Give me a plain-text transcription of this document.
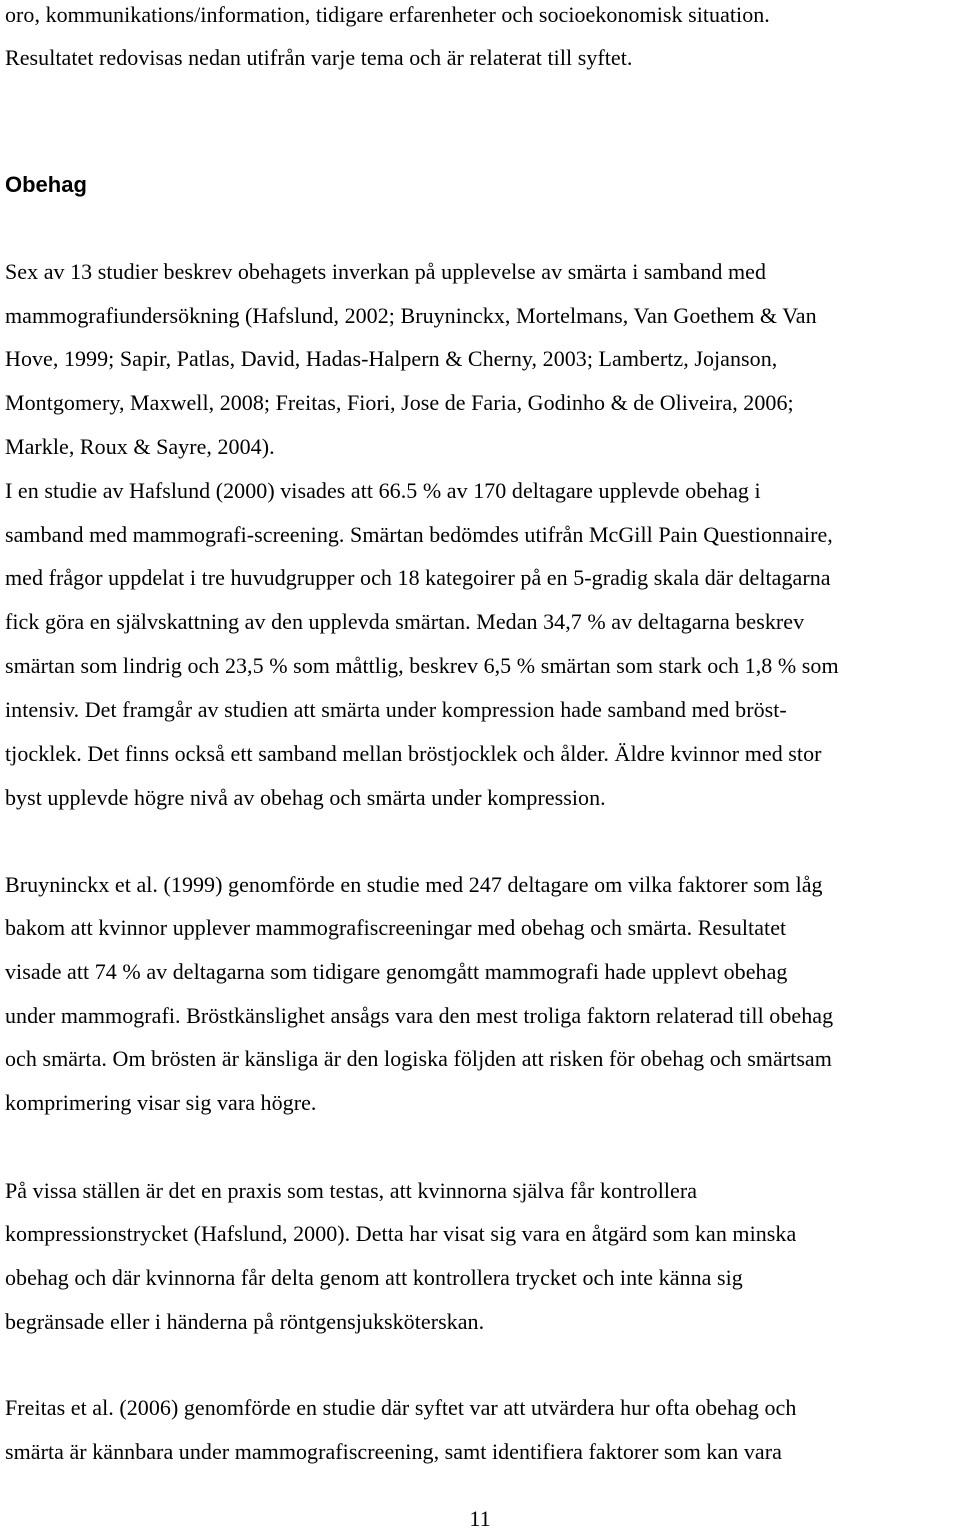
oro, kommunikations/information, tidigare erfarenheter och socioekonomisk situation.
Resultatet redovisas nedan utifrån varje tema och är relaterat till syftet.
Obehag
Sex av 13 studier beskrev obehagets inverkan på upplevelse av smärta i samband med
mammografiundersökning (Hafslund, 2002; Bruyninckx, Mortelmans, Van Goethem & Van
Hove, 1999; Sapir, Patlas, David, Hadas-Halpern & Cherny, 2003; Lambertz, Jojanson,
Montgomery, Maxwell, 2008; Freitas, Fiori, Jose de Faria, Godinho & de Oliveira, 2006;
Markle, Roux & Sayre, 2004).
I en studie av Hafslund (2000) visades att 66.5 % av 170 deltagare upplevde obehag i
samband med mammografi-screening. Smärtan bedömdes utifrån McGill Pain Questionnaire,
med frågor uppdelat i tre huvudgrupper och 18 kategoirer på en 5-gradig skala där deltagarna
fick göra en självskattning av den upplevda smärtan. Medan 34,7 % av deltagarna beskrev
smärtan som lindrig och 23,5 % som måttlig, beskrev 6,5 % smärtan som stark och 1,8 % som
intensiv. Det framgår av studien att smärta under kompression hade samband med bröst-
tjocklek. Det finns också ett samband mellan bröstjocklek och ålder. Äldre kvinnor med stor
byst upplevde högre nivå av obehag och smärta under kompression.
Bruyninckx et al. (1999) genomförde en studie med 247 deltagare om vilka faktorer som låg
bakom att kvinnor upplever mammografiscreeningar med obehag och smärta. Resultatet
visade att 74 % av deltagarna som tidigare genomgått mammografi hade upplevt obehag
under mammografi. Bröstkänslighet ansågs vara den mest troliga faktorn relaterad till obehag
och smärta. Om brösten är känsliga är den logiska följden att risken för obehag och smärtsam
komprimering visar sig vara högre.
På vissa ställen är det en praxis som testas, att kvinnorna själva får kontrollera
kompressionstrycket (Hafslund, 2000). Detta har visat sig vara en åtgärd som kan minska
obehag och där kvinnorna får delta genom att kontrollera trycket och inte känna sig
begränsade eller i händerna på röntgensjuksköterskan.
Freitas et al. (2006) genomförde en studie där syftet var att utvärdera hur ofta obehag och
smärta är kännbara under mammografiscreening, samt identifiera faktorer som kan vara
11
